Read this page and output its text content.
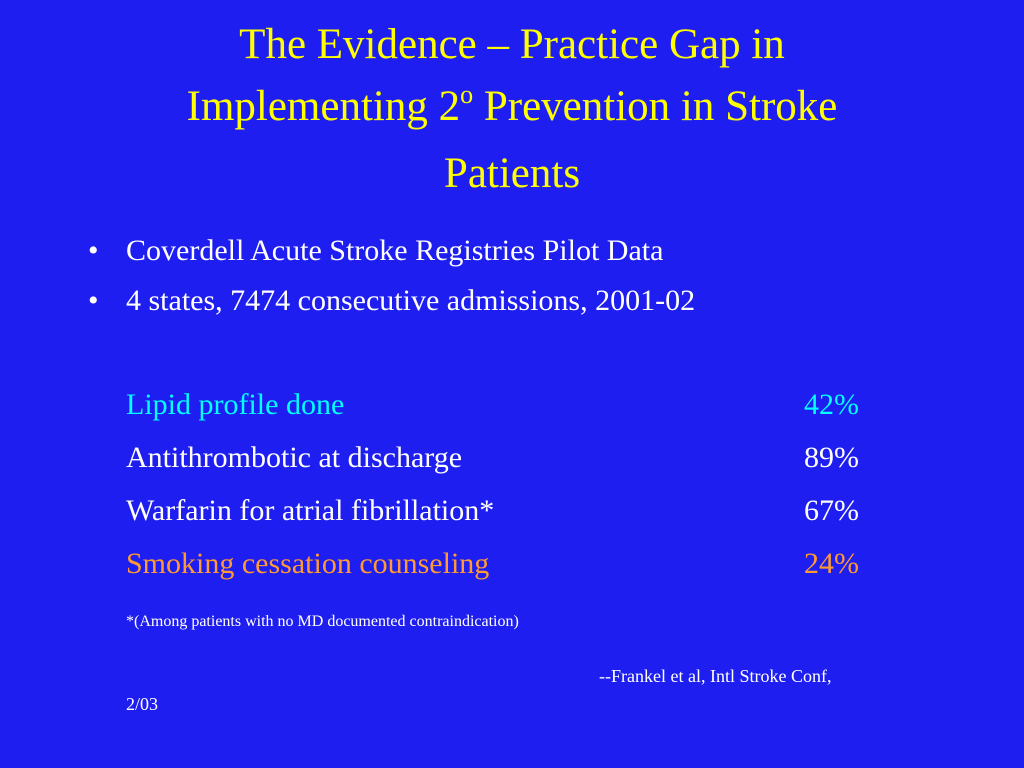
The Evidence – Practice Gap in
Implementing 2$^o$ Prevention in Stroke
Patients
• Coverdell Acute Stroke Registries Pilot Data
• 4 states, 7474 consecutive admissions, 2001-02
Lipid profile done	42%
Antithrombotic at discharge	89%
Warfarin for atrial fibrillation*	67%
Smoking cessation counseling	24%
*(Among patients with no MD documented contraindication)
--Frankel et al, Intl Stroke Conf,
2/03
